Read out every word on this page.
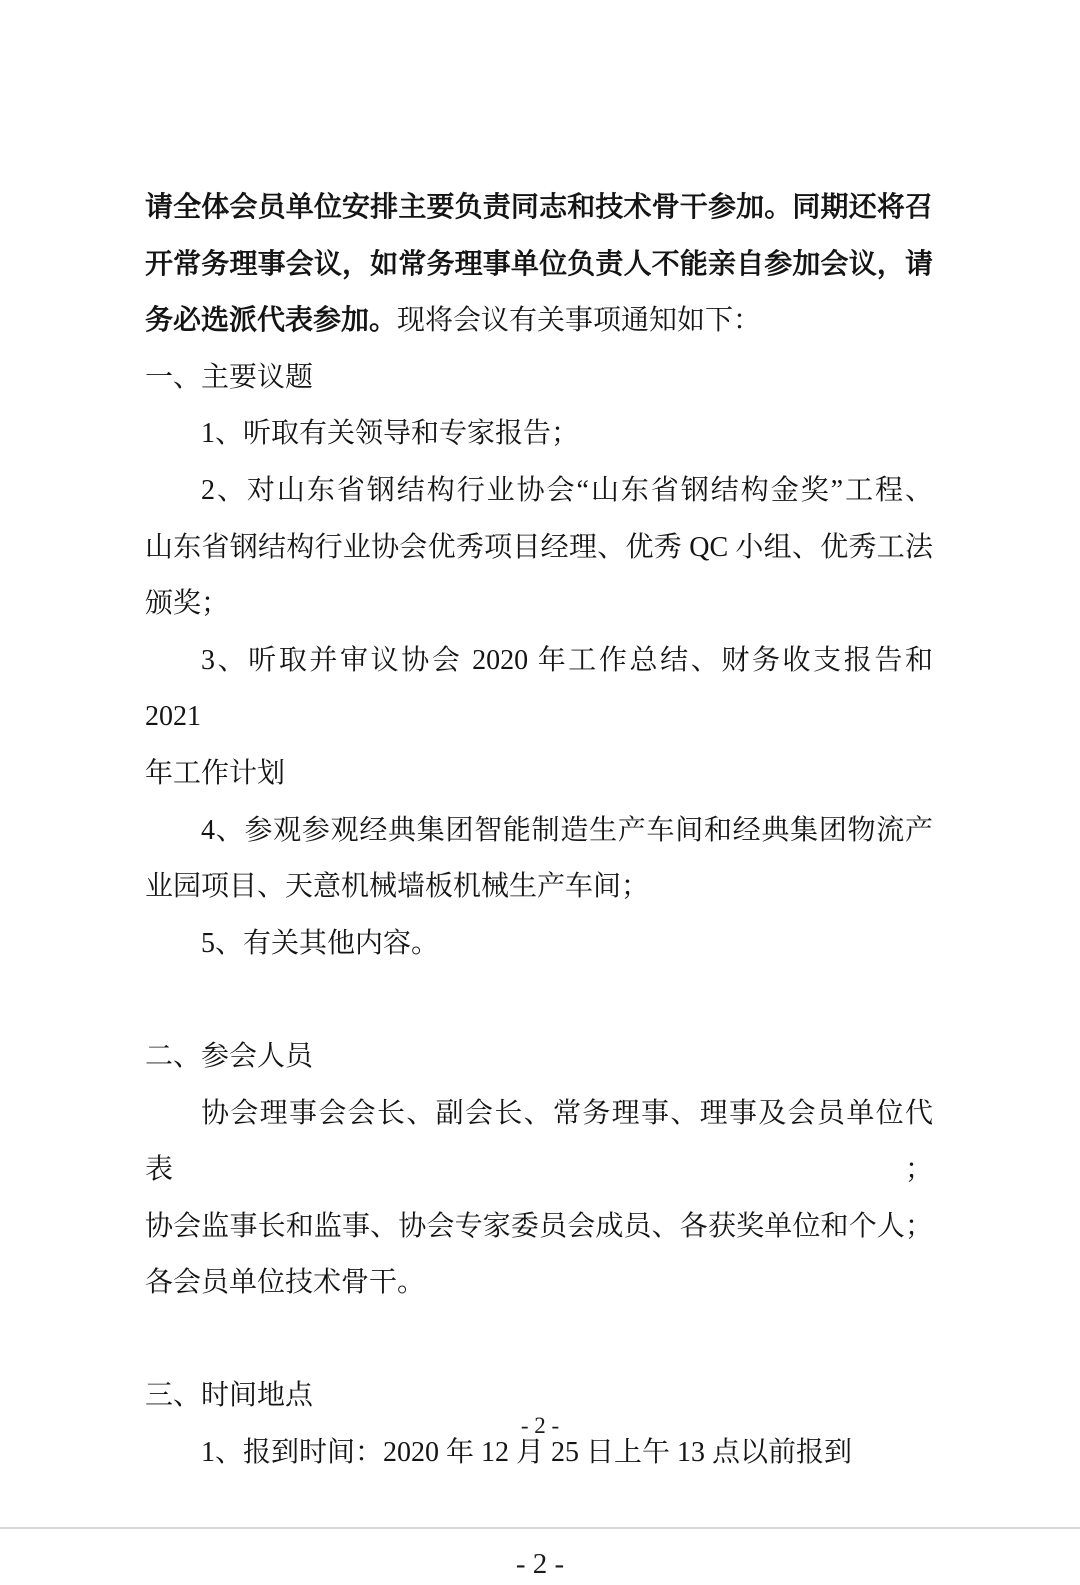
请全体会员单位安排主要负责同志和技术骨干参加。同期还将召
开常务理事会议，如常务理事单位负责人不能亲自参加会议，请
务必选派代表参加。现将会议有关事项通知如下：
一、主要议题
1、听取有关领导和专家报告；
2、对山东省钢结构行业协会“山东省钢结构金奖”工程、
山东省钢结构行业协会优秀项目经理、优秀 QC 小组、优秀工法
颁奖；
3、听取并审议协会 2020 年工作总结、财务收支报告和 2021
年工作计划
4、参观参观经典集团智能制造生产车间和经典集团物流产
业园项目、天意机械墙板机械生产车间；
5、有关其他内容。
二、参会人员
协会理事会会长、副会长、常务理事、理事及会员单位代表；
协会监事长和监事、协会专家委员会成员、各获奖单位和个人；
各会员单位技术骨干。
三、时间地点
1、报到时间：2020 年 12 月 25 日上午 13 点以前报到
- 2 -
- 2 -
